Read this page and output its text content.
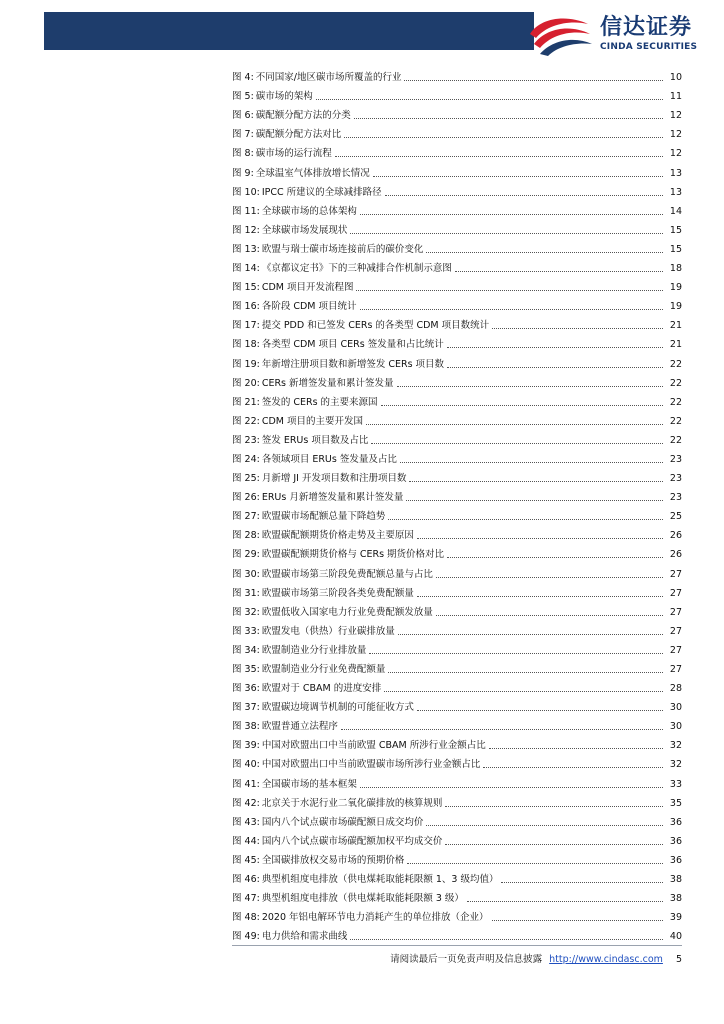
信达证券
CINDA SECURITIES
图 4: 不同国家/地区碳市场所覆盖的行业	10
图 5: 碳市场的架构	11
图 6: 碳配额分配方法的分类	12
图 7: 碳配额分配方法对比	12
图 8: 碳市场的运行流程	12
图 9: 全球温室气体排放增长情况	13
图 10: IPCC 所建议的全球减排路径	13
图 11: 全球碳市场的总体架构	14
图 12: 全球碳市场发展现状	15
图 13: 欧盟与瑞士碳市场连接前后的碳价变化	15
图 14: 《京都议定书》下的三种减排合作机制示意图	18
图 15: CDM 项目开发流程图	19
图 16: 各阶段 CDM 项目统计	19
图 17: 提交 PDD 和已签发 CERs 的各类型 CDM 项目数统计	21
图 18: 各类型 CDM 项目 CERs 签发量和占比统计	21
图 19: 年新增注册项目数和新增签发 CERs 项目数	22
图 20: CERs 新增签发量和累计签发量	22
图 21: 签发的 CERs 的主要来源国	22
图 22: CDM 项目的主要开发国	22
图 23: 签发 ERUs 项目数及占比	22
图 24: 各领域项目 ERUs 签发量及占比	23
图 25: 月新增 JI 开发项目数和注册项目数	23
图 26: ERUs 月新增签发量和累计签发量	23
图 27: 欧盟碳市场配额总量下降趋势	25
图 28: 欧盟碳配额期货价格走势及主要原因	26
图 29: 欧盟碳配额期货价格与 CERs 期货价格对比	26
图 30: 欧盟碳市场第三阶段免费配额总量与占比	27
图 31: 欧盟碳市场第三阶段各类免费配额量	27
图 32: 欧盟低收入国家电力行业免费配额发放量	27
图 33: 欧盟发电（供热）行业碳排放量	27
图 34: 欧盟制造业分行业排放量	27
图 35: 欧盟制造业分行业免费配额量	27
图 36: 欧盟对于 CBAM 的进度安排	28
图 37: 欧盟碳边境调节机制的可能征收方式	30
图 38: 欧盟普通立法程序	30
图 39: 中国对欧盟出口中当前欧盟 CBAM 所涉行业金额占比	32
图 40: 中国对欧盟出口中当前欧盟碳市场所涉行业金额占比	32
图 41: 全国碳市场的基本框架	33
图 42: 北京关于水泥行业二氧化碳排放的核算规则	35
图 43: 国内八个试点碳市场碳配额日成交均价	36
图 44: 国内八个试点碳市场碳配额加权平均成交价	36
图 45: 全国碳排放权交易市场的预期价格	36
图 46: 典型机组度电排放（供电煤耗取能耗限额 1、3 级均值）	38
图 47: 典型机组度电排放（供电煤耗取能耗限额 3 级）	38
图 48: 2020 年铝电解环节电力消耗产生的单位排放（企业）	39
图 49: 电力供给和需求曲线	40
请阅读最后一页免责声明及信息披露 http://www.cindasc.com 5
